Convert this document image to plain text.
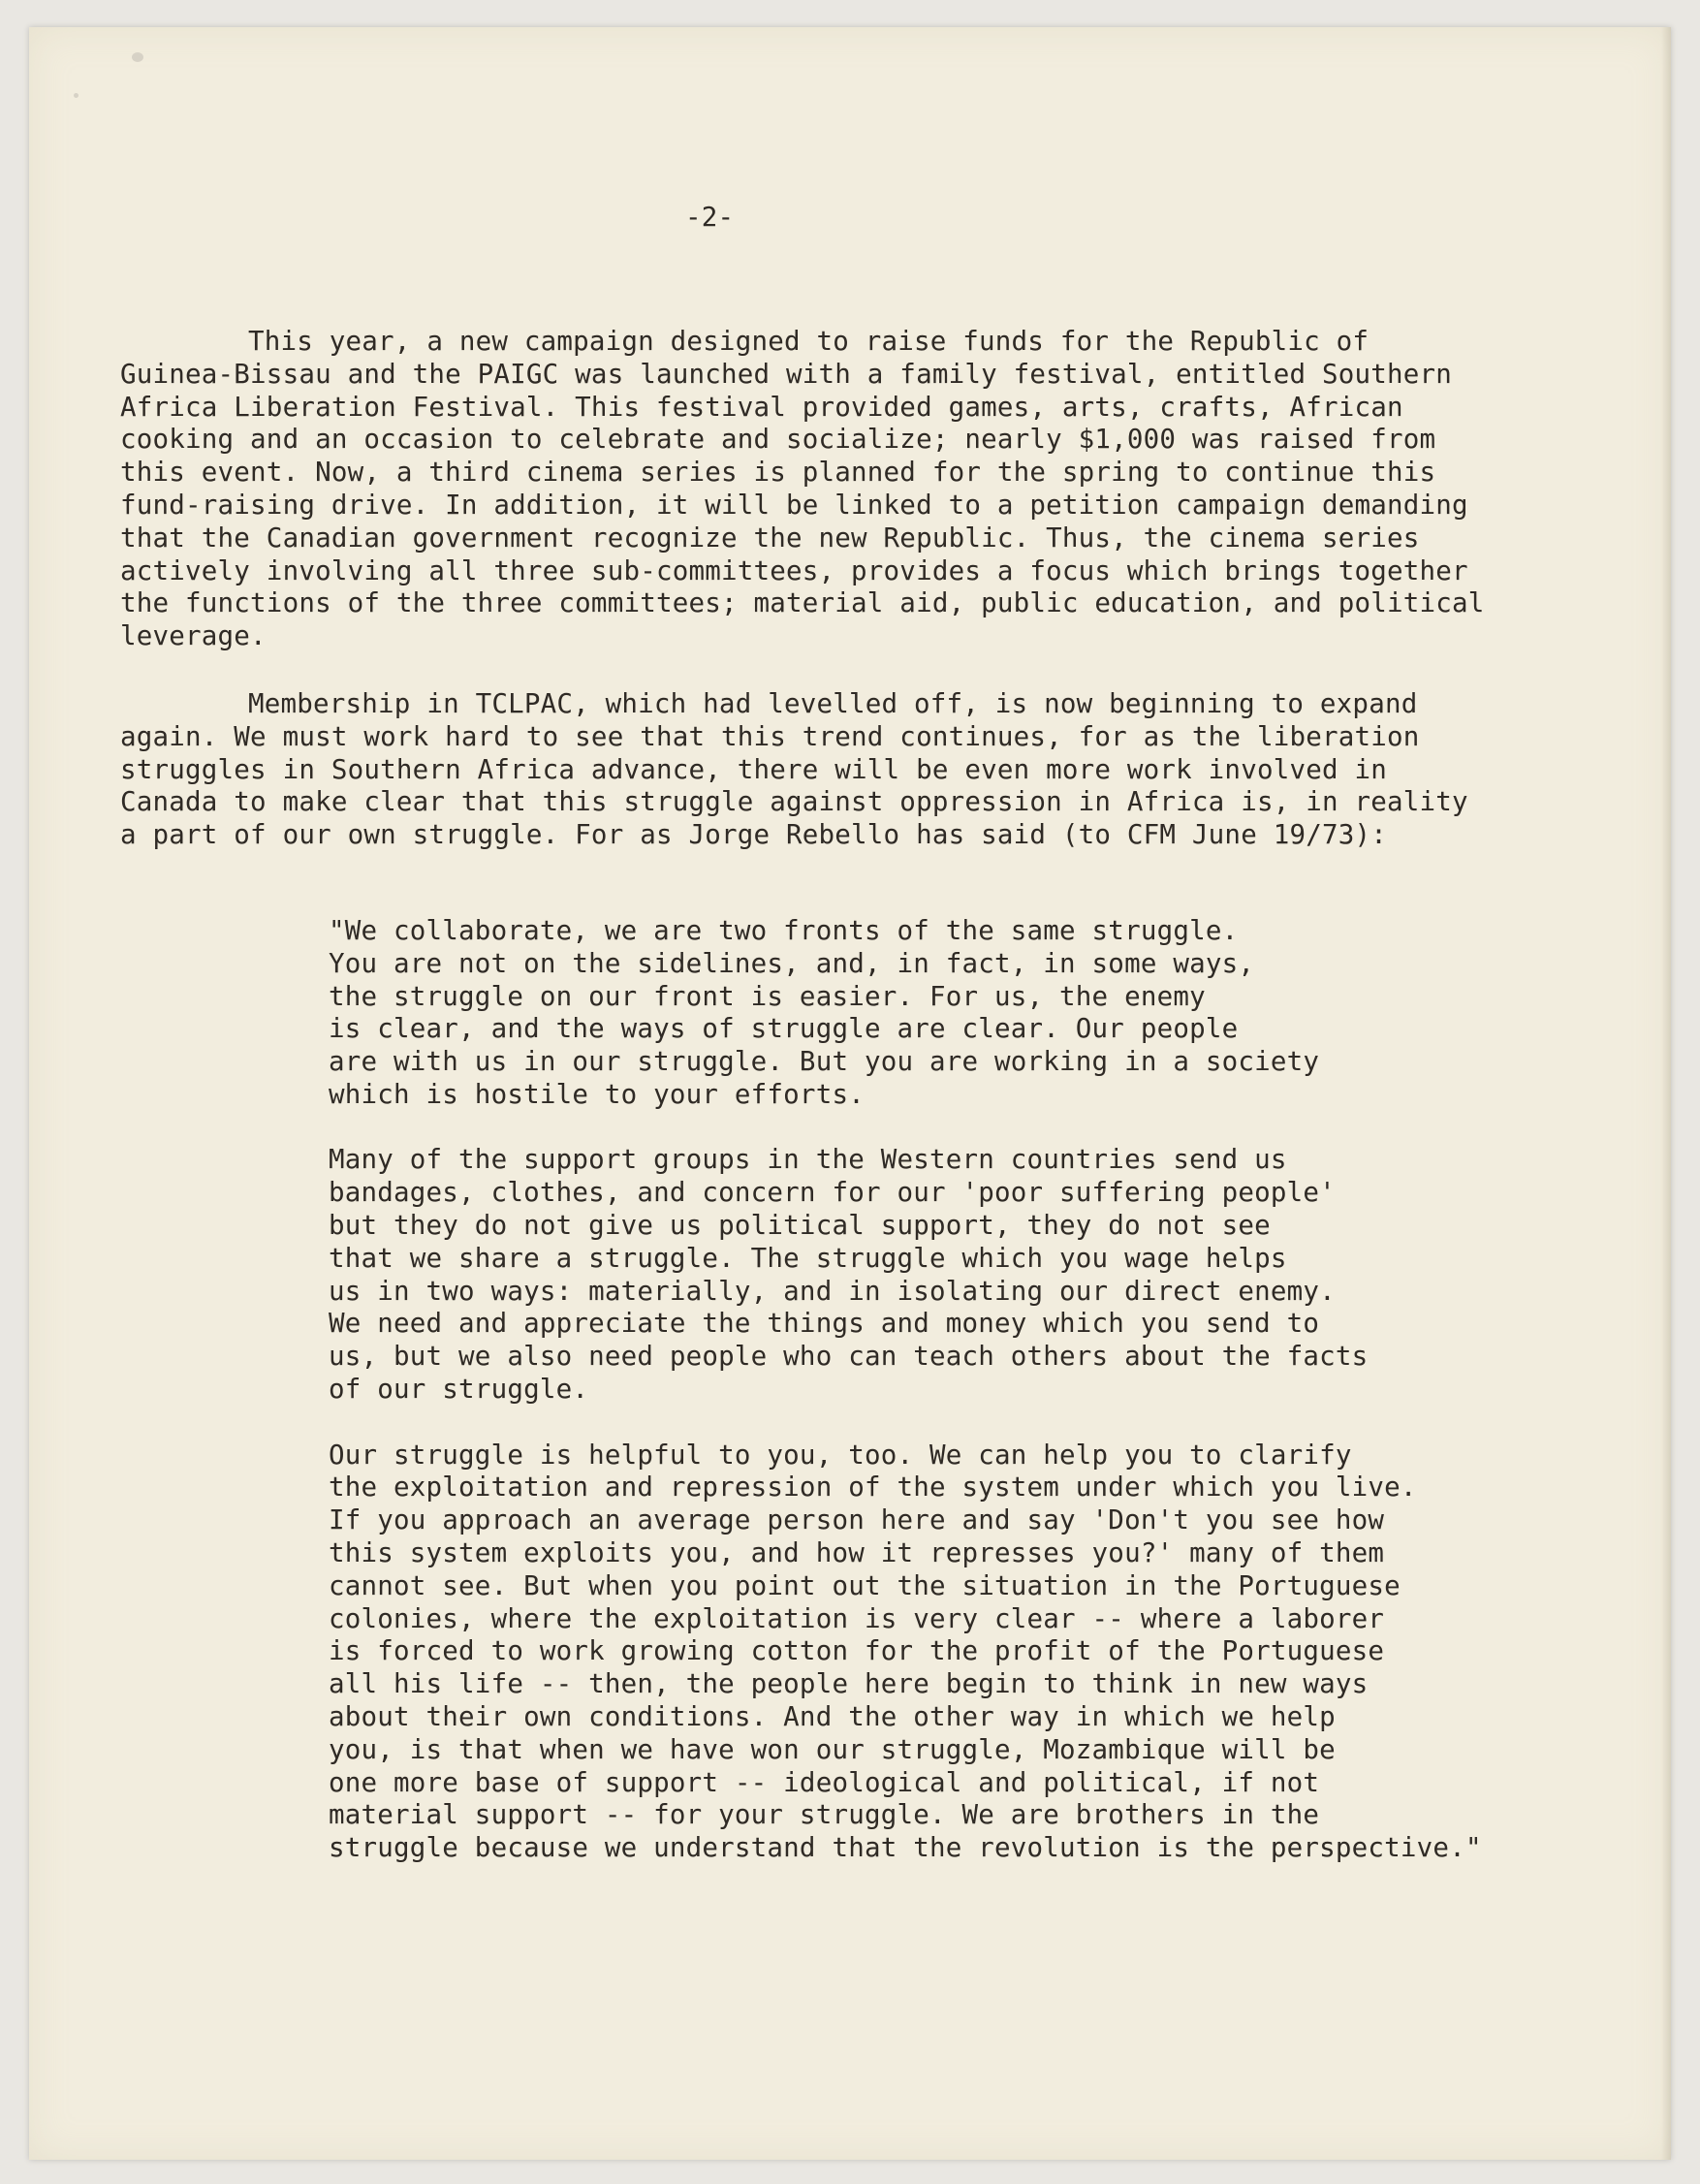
-2-
This year, a new campaign designed to raise funds for the Republic of
Guinea-Bissau and the PAIGC was launched with a family festival, entitled Southern
Africa Liberation Festival. This festival provided games, arts, crafts, African
cooking and an occasion to celebrate and socialize; nearly $1,000 was raised from
this event. Now, a third cinema series is planned for the spring to continue this
fund-raising drive. In addition, it will be linked to a petition campaign demanding
that the Canadian government recognize the new Republic. Thus, the cinema series
actively involving all three sub-committees, provides a focus which brings together
the functions of the three committees; material aid, public education, and political
leverage.
Membership in TCLPAC, which had levelled off, is now beginning to expand
again. We must work hard to see that this trend continues, for as the liberation
struggles in Southern Africa advance, there will be even more work involved in
Canada to make clear that this struggle against oppression in Africa is, in reality
a part of our own struggle. For as Jorge Rebello has said (to CFM June 19/73):
"We collaborate, we are two fronts of the same struggle.
You are not on the sidelines, and, in fact, in some ways,
the struggle on our front is easier. For us, the enemy
is clear, and the ways of struggle are clear. Our people
are with us in our struggle. But you are working in a society
which is hostile to your efforts.
Many of the support groups in the Western countries send us
bandages, clothes, and concern for our 'poor suffering people'
but they do not give us political support, they do not see
that we share a struggle. The struggle which you wage helps
us in two ways: materially, and in isolating our direct enemy.
We need and appreciate the things and money which you send to
us, but we also need people who can teach others about the facts
of our struggle.
Our struggle is helpful to you, too. We can help you to clarify
the exploitation and repression of the system under which you live.
If you approach an average person here and say 'Don't you see how
this system exploits you, and how it represses you?' many of them
cannot see. But when you point out the situation in the Portuguese
colonies, where the exploitation is very clear -- where a laborer
is forced to work growing cotton for the profit of the Portuguese
all his life -- then, the people here begin to think in new ways
about their own conditions. And the other way in which we help
you, is that when we have won our struggle, Mozambique will be
one more base of support -- ideological and political, if not
material support -- for your struggle. We are brothers in the
struggle because we understand that the revolution is the perspective."
